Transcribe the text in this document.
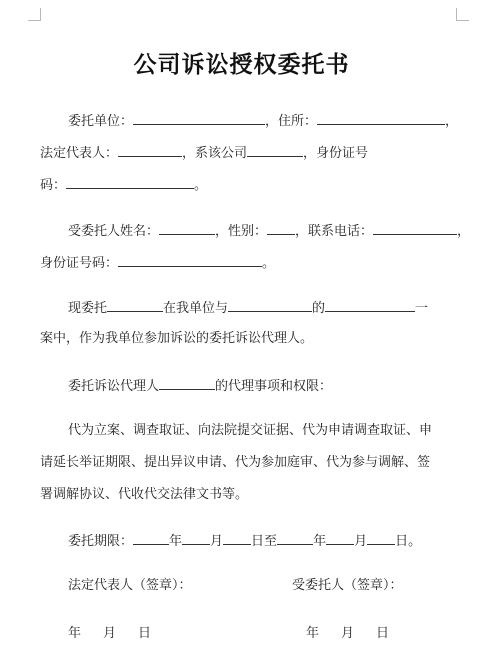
公司诉讼授权委托书
委托单位：	，住所：	，
法定代表人：	，系该公司	，身份证号
码：	。
受委托人姓名：	，性别： ，联系电话：	，
身份证号码：	。
现委托	在我单位与	的	一
案中，作为我单位参加诉讼的委托诉讼代理人。
委托诉讼代理人	的代理事项和权限：
代为立案、调查取证、向法院提交证据、代为申请调查取证、申
请延长举证期限、提出异议申请、代为参加庭审、代为参与调解、签
署调解协议、代收代交法律文书等。
委托期限：	年 月 日至	年 月 日。
法定代表人（签章）：	受委托人（签章）：
年 月 日	年 月 日
